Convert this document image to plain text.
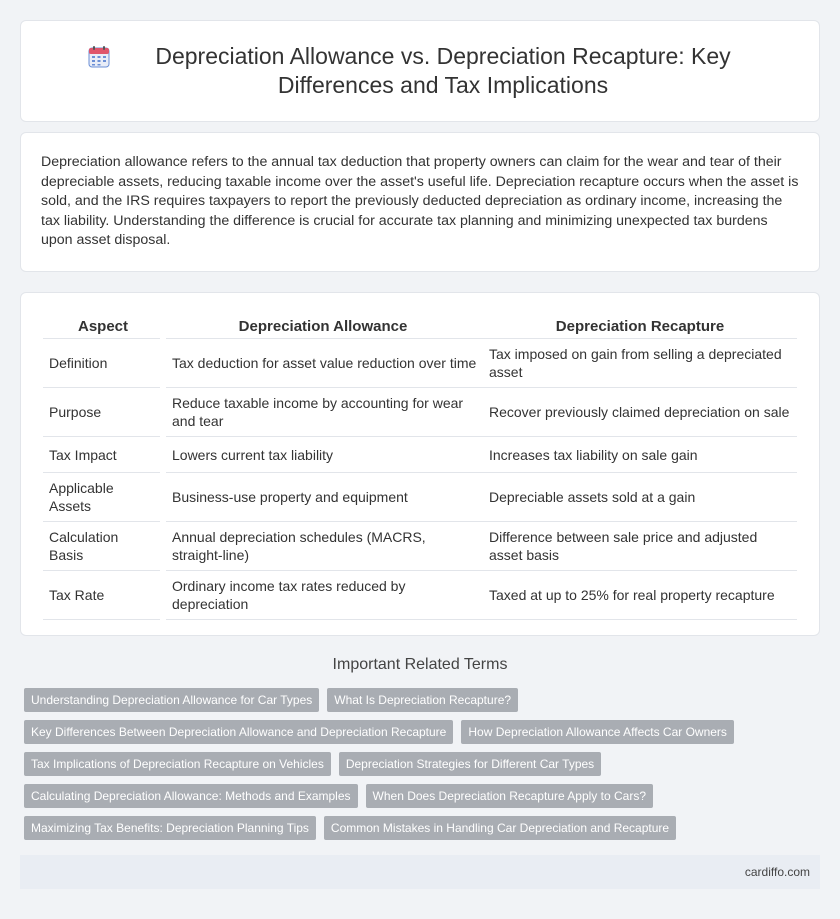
Depreciation Allowance vs. Depreciation Recapture: Key Differences and Tax Implications

Depreciation allowance refers to the annual tax deduction that property owners can claim for the wear and tear of their depreciable assets, reducing taxable income over the asset's useful life. Depreciation recapture occurs when the asset is sold, and the IRS requires taxpayers to report the previously deducted depreciation as ordinary income, increasing the tax liability. Understanding the difference is crucial for accurate tax planning and minimizing unexpected tax burdens upon asset disposal.

Aspect	Depreciation Allowance	Depreciation Recapture
Definition	Tax deduction for asset value reduction over time	Tax imposed on gain from selling a depreciated asset
Purpose	Reduce taxable income by accounting for wear and tear	Recover previously claimed depreciation on sale
Tax Impact	Lowers current tax liability	Increases tax liability on sale gain
Applicable Assets	Business-use property and equipment	Depreciable assets sold at a gain
Calculation Basis	Annual depreciation schedules (MACRS, straight-line)	Difference between sale price and adjusted asset basis
Tax Rate	Ordinary income tax rates reduced by depreciation	Taxed at up to 25% for real property recapture
Important Related Terms
Understanding Depreciation Allowance for Car Types	What Is Depreciation Recapture?
Key Differences Between Depreciation Allowance and Depreciation Recapture	How Depreciation Allowance Affects Car Owners
Tax Implications of Depreciation Recapture on Vehicles	Depreciation Strategies for Different Car Types
Calculating Depreciation Allowance: Methods and Examples	When Does Depreciation Recapture Apply to Cars?
Maximizing Tax Benefits: Depreciation Planning Tips	Common Mistakes in Handling Car Depreciation and Recapture
cardiffo.com
